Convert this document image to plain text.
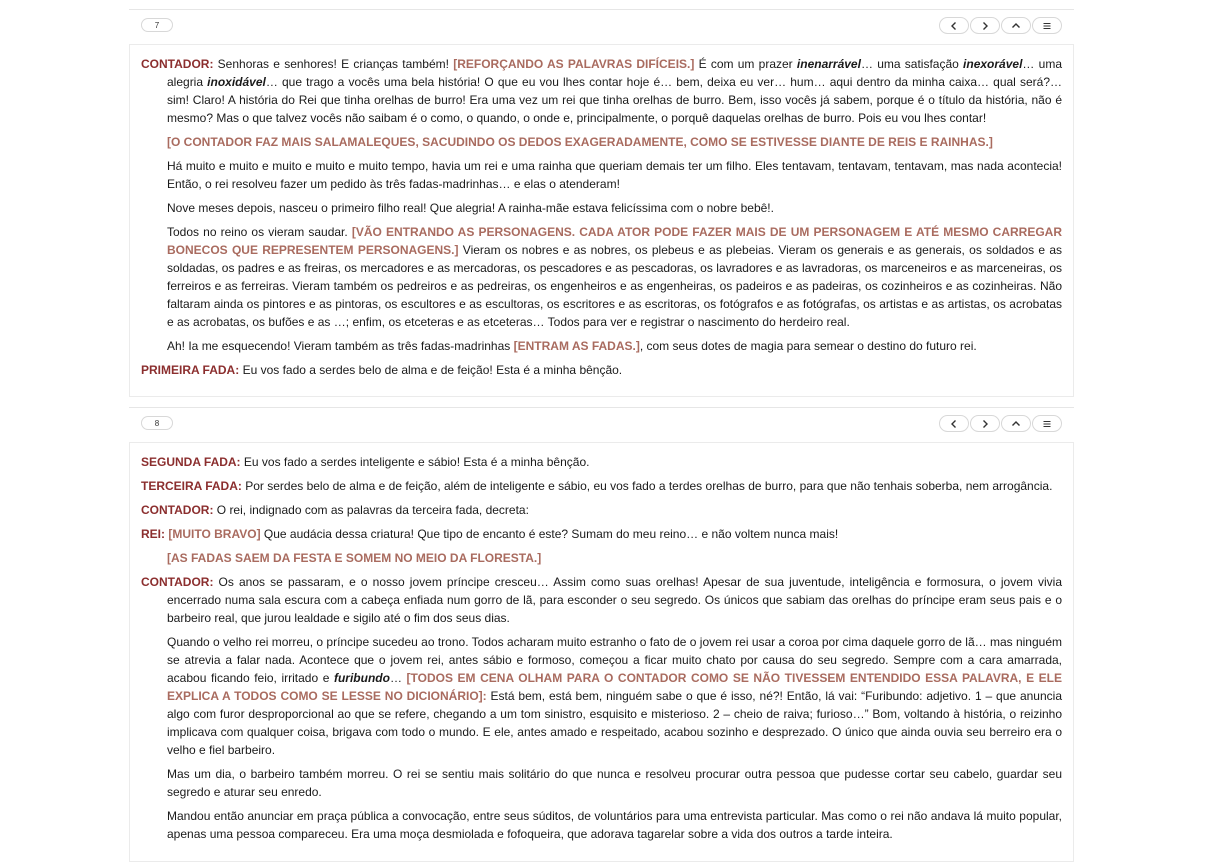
7

CONTADOR: Senhoras e senhores! E crianças também! [REFORÇANDO AS PALAVRAS DIFÍCEIS.] É com um prazer inenarrável… uma satisfação inexorável… uma alegria inoxidável… que trago a vocês uma bela história! O que eu vou lhes contar hoje é… bem, deixa eu ver… hum… aqui dentro da minha caixa… qual será?… sim! Claro! A história do Rei que tinha orelhas de burro! Era uma vez um rei que tinha orelhas de burro. Bem, isso vocês já sabem, porque é o título da história, não é mesmo? Mas o que talvez vocês não saibam é o como, o quando, o onde e, principalmente, o porquê daquelas orelhas de burro. Pois eu vou lhes contar!

[O CONTADOR FAZ MAIS SALAMALEQUES, SACUDINDO OS DEDOS EXAGERADAMENTE, COMO SE ESTIVESSE DIANTE DE REIS E RAINHAS.]

Há muito e muito e muito e muito e muito tempo, havia um rei e uma rainha que queriam demais ter um filho. Eles tentavam, tentavam, tentavam, mas nada acontecia! Então, o rei resolveu fazer um pedido às três fadas-madrinhas… e elas o atenderam!

Nove meses depois, nasceu o primeiro filho real! Que alegria! A rainha-mãe estava felicíssima com o nobre bebê!.

Todos no reino os vieram saudar. [VÃO ENTRANDO AS PERSONAGENS. CADA ATOR PODE FAZER MAIS DE UM PERSONAGEM E ATÉ MESMO CARREGAR BONECOS QUE REPRESENTEM PERSONAGENS.] Vieram os nobres e as nobres, os plebeus e as plebeias. Vieram os generais e as generais, os soldados e as soldadas, os padres e as freiras, os mercadores e as mercadoras, os pescadores e as pescadoras, os lavradores e as lavradoras, os marceneiros e as marceneiras, os ferreiros e as ferreiras. Vieram também os pedreiros e as pedreiras, os engenheiros e as engenheiras, os padeiros e as padeiras, os cozinheiros e as cozinheiras. Não faltaram ainda os pintores e as pintoras, os escultores e as escultoras, os escritores e as escritoras, os fotógrafos e as fotógrafas, os artistas e as artistas, os acrobatas e as acrobatas, os bufões e as …; enfim, os etceteras e as etceteras… Todos para ver e registrar o nascimento do herdeiro real.

Ah! Ia me esquecendo! Vieram também as três fadas-madrinhas [ENTRAM AS FADAS.], com seus dotes de magia para semear o destino do futuro rei.

PRIMEIRA FADA: Eu vos fado a serdes belo de alma e de feição! Esta é a minha bênção.

8

SEGUNDA FADA: Eu vos fado a serdes inteligente e sábio! Esta é a minha bênção.

TERCEIRA FADA: Por serdes belo de alma e de feição, além de inteligente e sábio, eu vos fado a terdes orelhas de burro, para que não tenhais soberba, nem arrogância.

CONTADOR: O rei, indignado com as palavras da terceira fada, decreta:

REI: [MUITO BRAVO] Que audácia dessa criatura! Que tipo de encanto é este? Sumam do meu reino… e não voltem nunca mais!

[AS FADAS SAEM DA FESTA E SOMEM NO MEIO DA FLORESTA.]

CONTADOR: Os anos se passaram, e o nosso jovem príncipe cresceu… Assim como suas orelhas! Apesar de sua juventude, inteligência e formosura, o jovem vivia encerrado numa sala escura com a cabeça enfiada num gorro de lã, para esconder o seu segredo. Os únicos que sabiam das orelhas do príncipe eram seus pais e o barbeiro real, que jurou lealdade e sigilo até o fim dos seus dias.

Quando o velho rei morreu, o príncipe sucedeu ao trono. Todos acharam muito estranho o fato de o jovem rei usar a coroa por cima daquele gorro de lã… mas ninguém se atrevia a falar nada. Acontece que o jovem rei, antes sábio e formoso, começou a ficar muito chato por causa do seu segredo. Sempre com a cara amarrada, acabou ficando feio, irritado e furibundo… [TODOS EM CENA OLHAM PARA O CONTADOR COMO SE NÃO TIVESSEM ENTENDIDO ESSA PALAVRA, E ELE EXPLICA A TODOS COMO SE LESSE NO DICIONÁRIO]: Está bem, está bem, ninguém sabe o que é isso, né?! Então, lá vai: “Furibundo: adjetivo. 1 – que anuncia algo com furor desproporcional ao que se refere, chegando a um tom sinistro, esquisito e misterioso. 2 – cheio de raiva; furioso…” Bom, voltando à história, o reizinho implicava com qualquer coisa, brigava com todo o mundo. E ele, antes amado e respeitado, acabou sozinho e desprezado. O único que ainda ouvia seu berreiro era o velho e fiel barbeiro.

Mas um dia, o barbeiro também morreu. O rei se sentiu mais solitário do que nunca e resolveu procurar outra pessoa que pudesse cortar seu cabelo, guardar seu segredo e aturar seu enredo.

Mandou então anunciar em praça pública a convocação, entre seus súditos, de voluntários para uma entrevista particular. Mas como o rei não andava lá muito popular, apenas uma pessoa compareceu. Era uma moça desmiolada e fofoqueira, que adorava tagarelar sobre a vida dos outros a tarde inteira.
